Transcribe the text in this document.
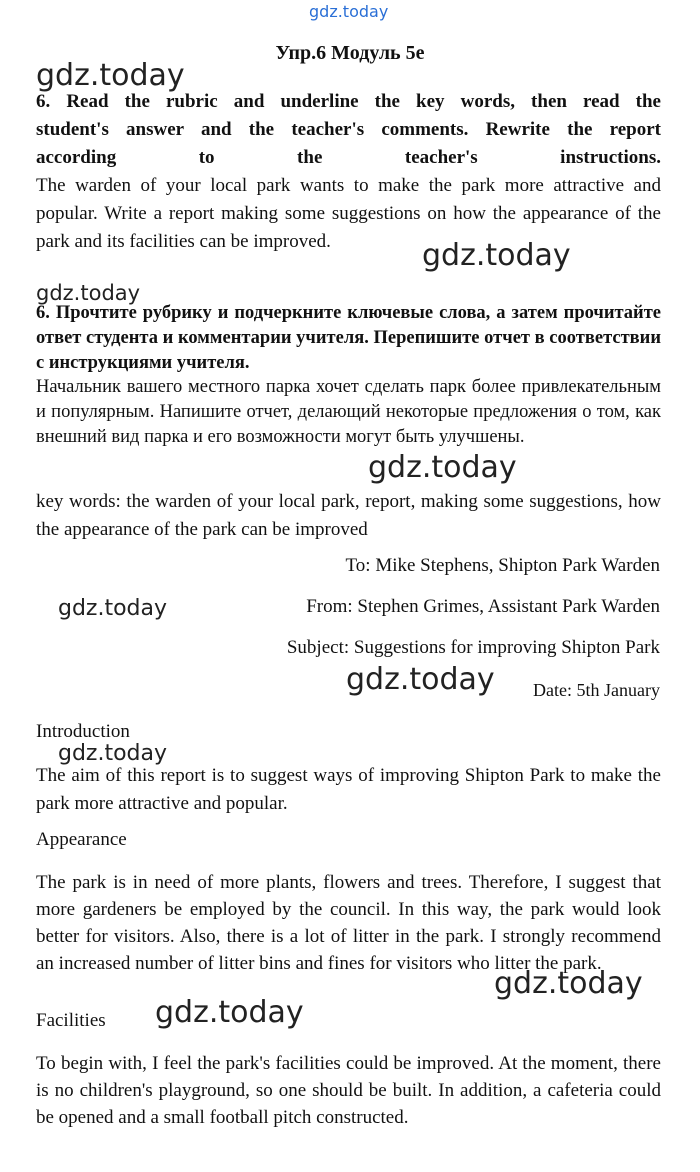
gdz.today
gdz.today
gdz.today
gdz.today
gdz.today
gdz.today
gdz.today
gdz.today
gdz.today
gdz.today
Упр.6 Модуль 5e
6. Read the rubric and underline the key words, then read the
student's answer and the teacher's comments. Rewrite the report
according to the teacher's instructions.
The warden of your local park wants to make the park more attractive and popular. Write a report making some suggestions on how the appearance of the park and its facilities can be improved.
6. Прочтите рубрику и подчеркните ключевые слова, а затем прочитайте ответ студента и комментарии учителя. Перепишите отчет в соответствии с инструкциями учителя.
Начальник вашего местного парка хочет сделать парк более привлекательным и популярным. Напишите отчет, делающий некоторые предложения о том, как внешний вид парка и его возможности могут быть улучшены.
key words: the warden of your local park, report, making some suggestions, how the appearance of the park can be improved
To: Mike Stephens, Shipton Park Warden
From: Stephen Grimes, Assistant Park Warden
Subject: Suggestions for improving Shipton Park
Date: 5th January
Introduction
The aim of this report is to suggest ways of improving Shipton Park to make the park more attractive and popular.
Appearance
The park is in need of more plants, flowers and trees. Therefore, I suggest that more gardeners be employed by the council. In this way, the park would look better for visitors. Also, there is a lot of litter in the park. I strongly recommend an increased number of litter bins and fines for visitors who litter the park.
Facilities
To begin with, I feel the park's facilities could be improved. At the moment, there is no children's playground, so one should be built. In addition, a cafeteria could be opened and a small football pitch constructed.
